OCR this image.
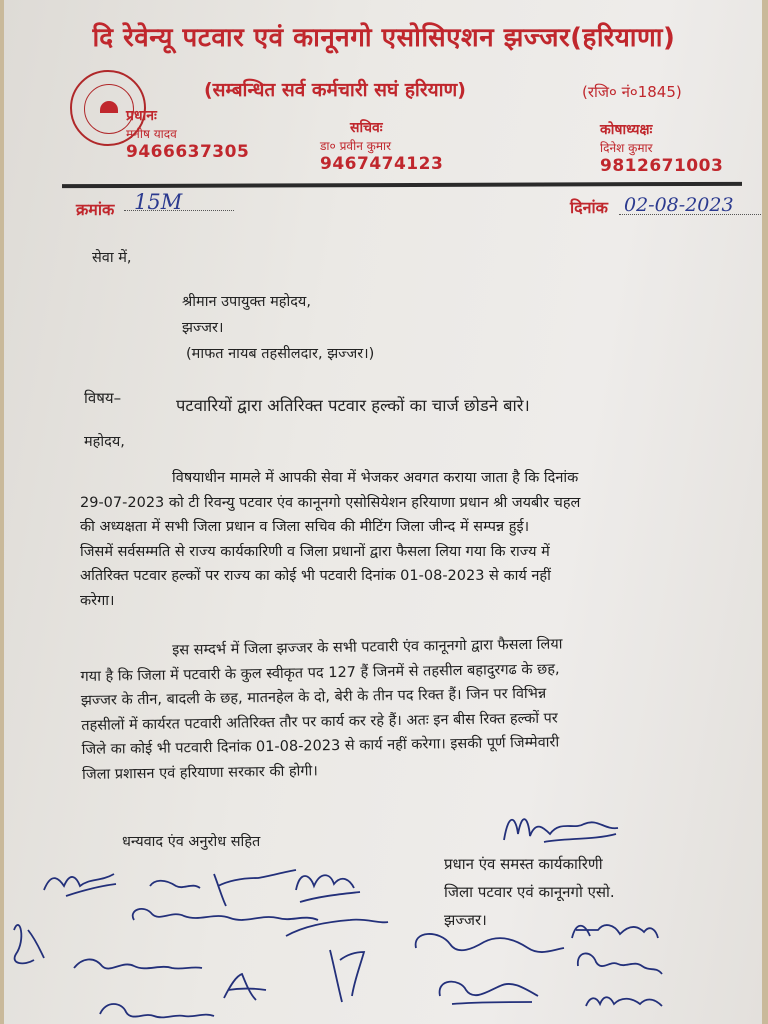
दि रेवेन्यू पटवार एवं कानूनगो एसोसिएशन झज्जर(हरियाणा)
(सम्बन्धित सर्व कर्मचारी सघं हरियाण)	(रजि० नं०1845)
प्रधानः
मनीष यादव
9466637305
सचिवः
डा० प्रवीन कुमार
9467474123
कोषाध्यक्षः
दिनेश कुमार
9812671003
क्रमांक 15M	दिनांक 02-08-2023
सेवा में,
श्रीमान उपायुक्त महोदय,
झज्जर।
(माफत नायब तहसीलदार, झज्जर।)
विषय–	पटवारियों द्वारा अतिरिक्त पटवार हल्कों का चार्ज छोडने बारे।
महोदय,
विषयाधीन मामले में आपकी सेवा में भेजकर अवगत कराया जाता है कि दिनांक
29-07-2023 को टी रिवन्यु पटवार एंव कानूनगो एसोसियेशन हरियाणा प्रधान श्री जयबीर चहल
की अध्यक्षता में सभी जिला प्रधान व जिला सचिव की मीटिंग जिला जीन्द में सम्पन्न हुई।
जिसमें सर्वसम्मति से राज्य कार्यकारिणी व जिला प्रधानों द्वारा फैसला लिया गया कि राज्य में
अतिरिक्त पटवार हल्कों पर राज्य का कोई भी पटवारी दिनांक 01-08-2023 से कार्य नहीं
करेगा।
इस सम्दर्भ में जिला झज्जर के सभी पटवारी एंव कानूनगो द्वारा फैसला लिया
गया है कि जिला में पटवारी के कुल स्वीकृत पद 127 हैं जिनमें से तहसील बहादुरगढ के छह,
झज्जर के तीन, बादली के छह, मातनहेल के दो, बेरी के तीन पद रिक्त हैं। जिन पर विभिन्न
तहसीलों में कार्यरत पटवारी अतिरिक्त तौर पर कार्य कर रहे हैं। अतः इन बीस रिक्त हल्कों पर
जिले का कोई भी पटवारी दिनांक 01-08-2023 से कार्य नहीं करेगा। इसकी पूर्ण जिम्मेवारी
जिला प्रशासन एवं हरियाणा सरकार की होगी।
धन्यवाद एंव अनुरोध सहित
प्रधान एंव समस्त कार्यकारिणी
जिला पटवार एवं कानूनगो एसो.
झज्जर।
